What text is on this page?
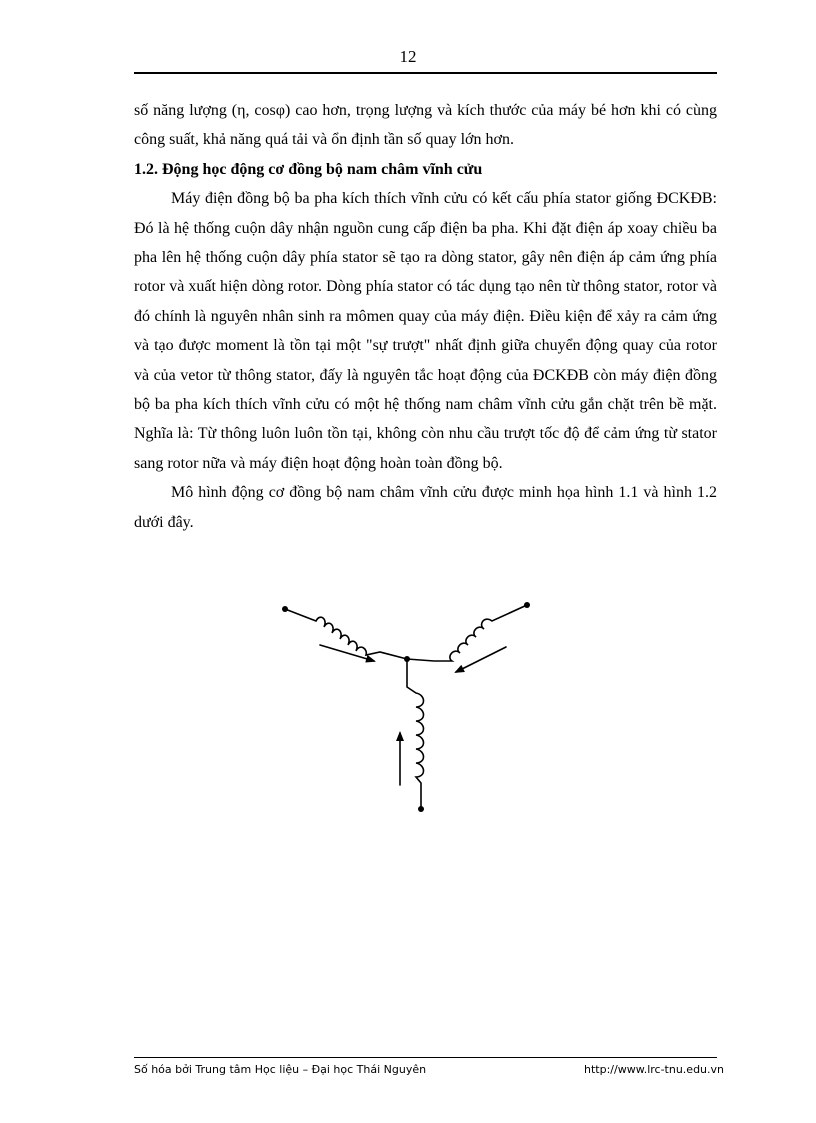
12

số năng lượng (η, cosφ) cao hơn, trọng lượng và kích thước của máy bé hơn khi có cùng công suất, khả năng quá tải và ổn định tần số quay lớn hơn.

1.2. Động học động cơ đồng bộ nam châm vĩnh cửu

Máy điện đồng bộ ba pha kích thích vĩnh cửu có kết cấu phía stator giống ĐCKĐB: Đó là hệ thống cuộn dây nhận nguồn cung cấp điện ba pha. Khi đặt điện áp xoay chiều ba pha lên hệ thống cuộn dây phía stator sẽ tạo ra dòng stator, gây nên điện áp cảm ứng phía rotor và xuất hiện dòng rotor. Dòng phía stator có tác dụng tạo nên từ thông stator, rotor và đó chính là nguyên nhân sinh ra mômen quay của máy điện. Điều kiện để xảy ra cảm ứng và tạo được moment là tồn tại một "sự trượt" nhất định giữa chuyển động quay của rotor và của vetor từ thông stator, đấy là nguyên tắc hoạt động của ĐCKĐB còn máy điện đồng bộ ba pha kích thích vĩnh cửu có một hệ thống nam châm vĩnh cửu gắn chặt trên bề mặt. Nghĩa là: Từ thông luôn luôn tồn tại, không còn nhu cầu trượt tốc độ để cảm ứng từ stator sang rotor nữa và máy điện hoạt động hoàn toàn đồng bộ.

Mô hình động cơ đồng bộ nam châm vĩnh cửu được minh họa hình 1.1 và hình 1.2 dưới đây.

Số hóa bởi Trung tâm Học liệu – Đại học Thái Nguyên	http://www.lrc-tnu.edu.vn
